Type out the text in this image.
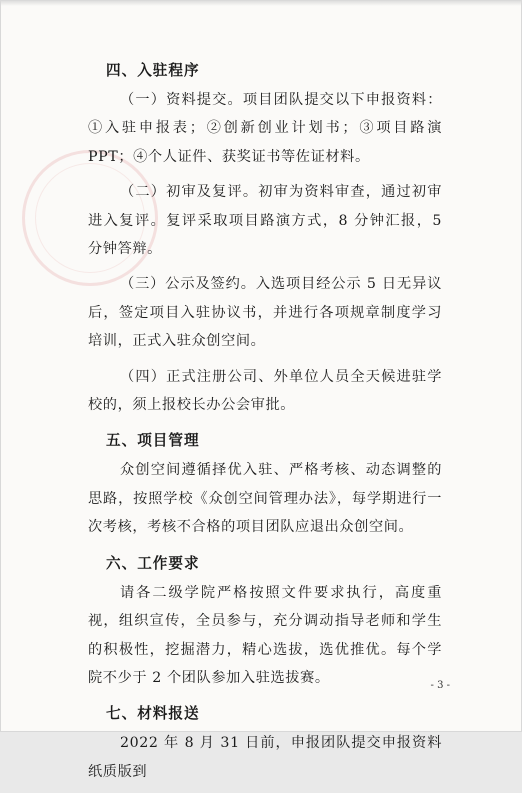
四、入驻程序

（一）资料提交。项目团队提交以下申报资料：①入驻申报表；②创新创业计划书；③项目路演 PPT；④个人证件、获奖证书等佐证材料。

（二）初审及复评。初审为资料审查，通过初审进入复评。复评采取项目路演方式，8 分钟汇报，5 分钟答辩。

（三）公示及签约。入选项目经公示 5 日无异议后，签定项目入驻协议书，并进行各项规章制度学习培训，正式入驻众创空间。

（四）正式注册公司、外单位人员全天候进驻学校的，须上报校长办公会审批。

五、项目管理

众创空间遵循择优入驻、严格考核、动态调整的思路，按照学校《众创空间管理办法》，每学期进行一次考核，考核不合格的项目团队应退出众创空间。

六、工作要求

请各二级学院严格按照文件要求执行，高度重视，组织宣传，全员参与，充分调动指导老师和学生的积极性，挖掘潜力，精心选拔，选优推优。每个学院不少于 2 个团队参加入驻选拔赛。

七、材料报送

2022 年 8 月 31 日前，申报团队提交申报资料纸质版到

- 3 -
